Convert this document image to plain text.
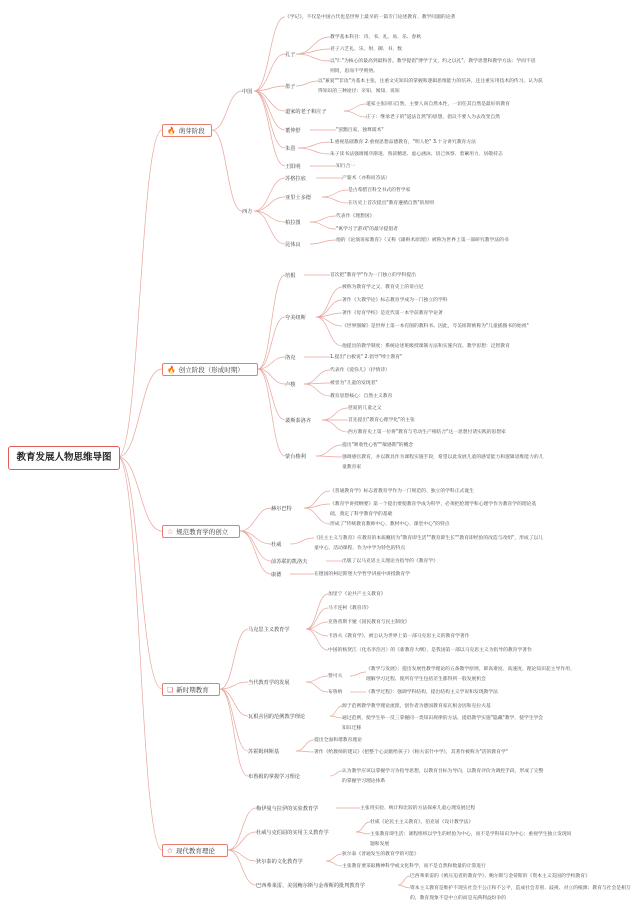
教育发展人物思维导图
🔥 萌芽阶段
🔥 创立阶段（形成时期）
☆ 规范教育学的创立
❏ 新时期教育
✩ 现代教育理论
中国
《学记》，不仅是中国古代也是世界上最早的一篇专门论述教育、教学问题的论著
孔子
教学基本科目：诗、书、礼、易、乐、春秋
君子六艺礼、乐、射、御、书、数
以"仁"为核心的最高到最和善。教学提倡"博学于文，约之以礼"。教学思想和教学方法：学而不思则罔，思而不学则殆。
墨子
以"兼爱""非攻"为基本主张，注重文史知识的掌握和逻辑思维能力的培养，还注重实用技术的传习。认为获得知识的三种途径：亲知、闻知、说知
道家的老子和庄子
道家主张回归自然，主要人尚自然本性，一切任其自然是最好的教育
庄子：继承老子的"道法自然"的思想，倡议不要人为去改变自然
董仲舒	"罢黜百家，独尊儒术"
朱熹
1.重视基础教育 2.重视思想品德教育，"明人伦" 3.十分讲究教育方法
朱子读书法强调循序渐进、熟读精思、虚心涵泳、切己体察、着紧用力、居敬持志
王阳明	知行合一
西方
苏格拉底	产婆术（亦称问答法）
亚里士多德
是古希腊百科全书式的哲学家
在历史上首次提出"教育遵循自然"的原则
柏拉图
代表作《理想国》
"寓学习于游戏"的最早提倡者
昆体良
他的《论演说家教育》（又称《雄辩术原理》）被称为世界上第一部研究教学法的书
培根	首次把"教育学"作为一门独立的学科提出
夸美纽斯
被称为教育学之父、教育史上的哥白尼
著作《大教学论》标志教育学成为一门独立的学科
著作《母育学校》是近代第一本学前教育学论著
《世界图解》是世界上第一本有图的教科书。因此，夸美纽斯被称为"儿童插图书的始祖"
他提出的教学制度：系统论述班级授课制方法和实施内容。教学思想：泛智教育
洛克	1.提出"白板说" 2.倡导"绅士教育"
卢梭
代表作《爱弥儿》（抒情诗）
被誉为"儿童的发现者"
教育思想核心：自然主义教育
裴斯泰洛齐
慈爱的儿童之父
首先提出"教育心理学化"的主张
西方教育史上第一位将"教育与劳动生产相结合"这一思想付诸实践的思想家
蒙台梭利
提出"吸收性心智""敏感期"的概念
强调感官教育，并以教具作为课程实施手段，希望以此发展儿童的感觉能力和逻辑思维能力的儿童教育家
赫尔巴特
《普通教育学》标志着教育学作为一门规范的、独立的学科正式诞生
《教育学讲授纲要》第一个提出要使教育学成为科学，必须把伦理学和心理学作为教育学的理论基础，奠定了科学教育学的基础
形成了"传统教育教师中心、教材中心、课堂中心"的特点
杜威
《民主主义与教育》应教育的本质概括为"教育即生活""教育即生长""教育即经验的改造与改组"，形成了以儿童中心、活动课程、作为中学为特色的特点
前苏联的凯洛夫	出版了以马克思主义理论为指导的《教育学》
康德	在德国的柯尼斯堡大学哲学讲座中讲授教育学
马克思主义教育学
加里宁《论共产主义教育》
马卡连柯《教育诗》
克鲁普斯卡娅《国民教育与民主制度》
卡洛夫《教育学》，被公认为世界上第一部马克思主义的教育学著作
中国的杨贤江（化名李浩吾）的《新教育大纲》，是我国第一部以马克思主义为指导的教育学著作
当代教育学的发展
赞可夫
《教学与发展》；提出发展性教学理论的五条教学原则，即高难度、高速度、理论知识起主导作用、理解学习过程、使所有学生包括差生都得到一般发展机会
布鲁纳	《教学过程》：强调学科结构，提出结构主义学说和发现教学法
瓦根舍因的范例教学理论
源于范例教学教学理论流派，创作者为德国教育家瓦根舍因和克拉夫基
通过范例，使学生举一反三掌握同一类知识规律的方法，提倡教学实施"隐藏"教学，使学生学会知识迁移
苏霍姆林斯基
提出全面和谐教育理论
著作《给教师的建议》《把整个心灵献给孩子》《帕夫雷什中学》，其著作被称为"活的教育学"
布鲁姆的掌握学习理论
认为教学应该以掌握学习为指导思想，以教育目标为导向，以教育评价为调控手段，形成了完整的掌握学习理论体系
梅伊曼与拉伊的实验教育学	主张用实验、统计和比较的方法探索儿童心理发展过程
杜威与克伯屈的实用主义教育学
杜威《论民主主义教育》，伯克屈《设计教学法》
主张教育即生活；课程组织以学生的经验为中心，而不是学科知识为中心；重视学生独立发现问题和发展
狄尔泰的文化教育学
狄尔泰《普通发生的教育学的可能》
主张教育要采取精神科学或文化科学，而不是自然和数量的计算进行
巴西弗莱雷、美国鲍尔斯与金蒂斯的批判教育学
巴西弗莱雷的《被压迫者的教育学》，鲍尔斯与金蒂斯的《资本主义美国的学校教育》
资本主义教育是维护不现实社会不公正和不公平，造成社会差别、歧视、对立的根源；教育与社会是相互的，教育现象不是中立的而是充满利益纷争的
